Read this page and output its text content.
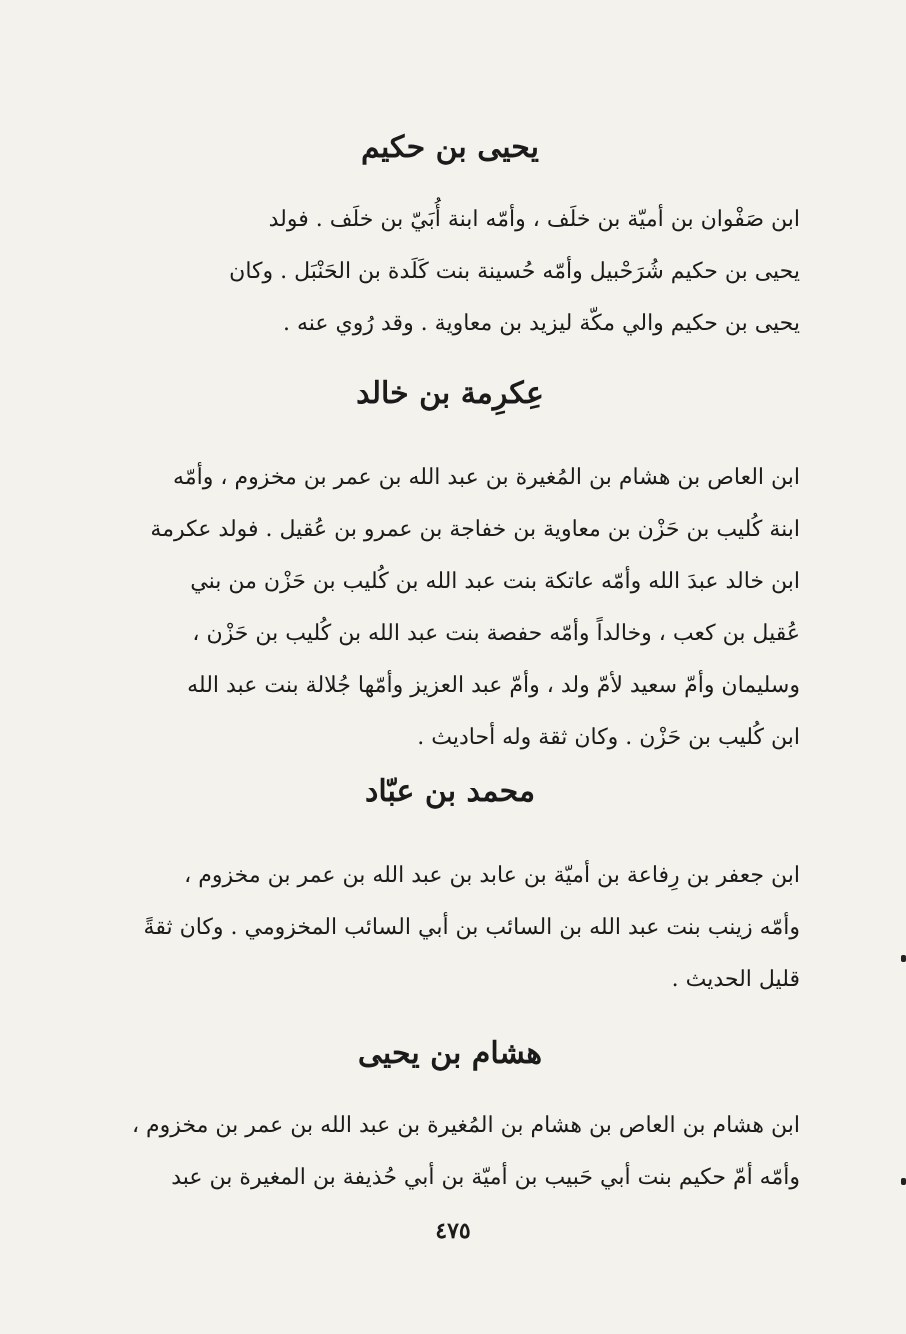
يحيى بن حكيم
ابن صَفْوان بن أميّة بن خلَف ، وأمّه ابنة أُبَيّ بن خلَف . فولد
يحيى بن حكيم شُرَحْبيل وأمّه حُسينة بنت كَلَدة بن الحَنْبَل . وكان
يحيى بن حكيم والي مكّة ليزيد بن معاوية . وقد رُوي عنه .
عِكرِمة بن خالد
ابن العاص بن هشام بن المُغيرة بن عبد الله بن عمر بن مخزوم ، وأمّه
ابنة كُليب بن حَزْن بن معاوية بن خفاجة بن عمرو بن عُقيل . فولد عكرمة
ابن خالد عبدَ الله وأمّه عاتكة بنت عبد الله بن كُليب بن حَزْن من بني
عُقيل بن كعب ، وخالداً وأمّه حفصة بنت عبد الله بن كُليب بن حَزْن ،
وسليمان وأمّ سعيد لأمّ ولد ، وأمّ عبد العزيز وأمّها جُلالة بنت عبد الله
ابن كُليب بن حَزْن . وكان ثقة وله أحاديث .
محمد بن عبّاد
ابن جعفر بن رِفاعة بن أميّة بن عابد بن عبد الله بن عمر بن مخزوم ،
وأمّه زينب بنت عبد الله بن السائب بن أبي السائب المخزومي . وكان ثقةً
قليل الحديث .
هشام بن يحيى
ابن هشام بن العاص بن هشام بن المُغيرة بن عبد الله بن عمر بن مخزوم ،
وأمّه أمّ حكيم بنت أبي حَبيب بن أميّة بن أبي حُذيفة بن المغيرة بن عبد
٤٧٥
